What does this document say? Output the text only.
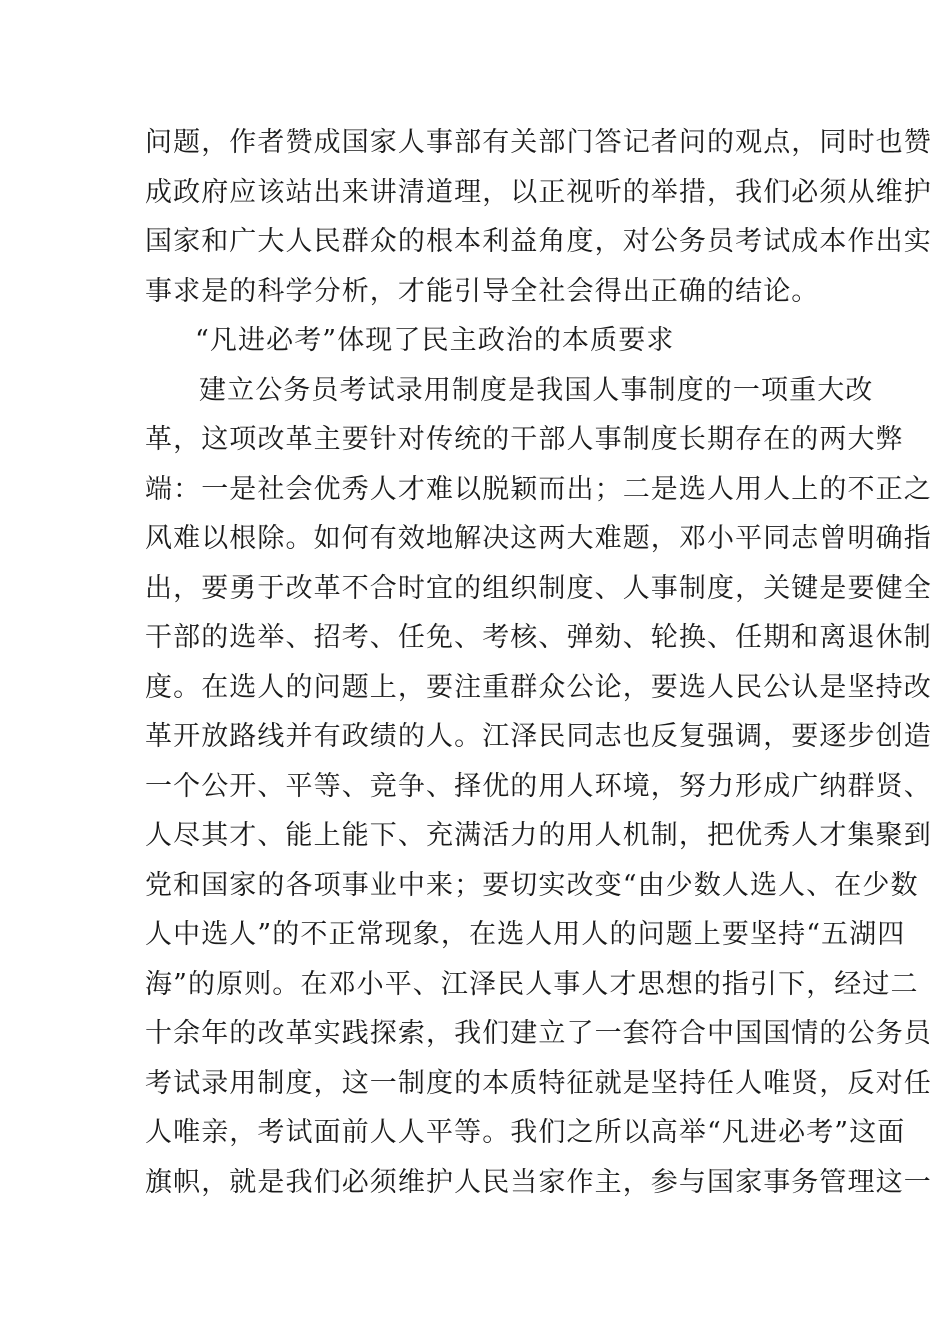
问题，作者赞成国家人事部有关部门答记者问的观点，同时也赞
成政府应该站出来讲清道理，以正视听的举措，我们必须从维护
国家和广大人民群众的根本利益角度，对公务员考试成本作出实
事求是的科学分析，才能引导全社会得出正确的结论。
“凡进必考”体现了民主政治的本质要求
建立公务员考试录用制度是我国人事制度的一项重大改
革，这项改革主要针对传统的干部人事制度长期存在的两大弊
端：一是社会优秀人才难以脱颖而出；二是选人用人上的不正之
风难以根除。如何有效地解决这两大难题，邓小平同志曾明确指
出，要勇于改革不合时宜的组织制度、人事制度，关键是要健全
干部的选举、招考、任免、考核、弹劾、轮换、任期和离退休制
度。在选人的问题上，要注重群众公论，要选人民公认是坚持改
革开放路线并有政绩的人。江泽民同志也反复强调，要逐步创造
一个公开、平等、竞争、择优的用人环境，努力形成广纳群贤、
人尽其才、能上能下、充满活力的用人机制，把优秀人才集聚到
党和国家的各项事业中来；要切实改变“由少数人选人、在少数
人中选人”的不正常现象，在选人用人的问题上要坚持“五湖四
海”的原则。在邓小平、江泽民人事人才思想的指引下，经过二
十余年的改革实践探索，我们建立了一套符合中国国情的公务员
考试录用制度，这一制度的本质特征就是坚持任人唯贤，反对任
人唯亲，考试面前人人平等。我们之所以高举“凡进必考”这面
旗帜，就是我们必须维护人民当家作主，参与国家事务管理这一
